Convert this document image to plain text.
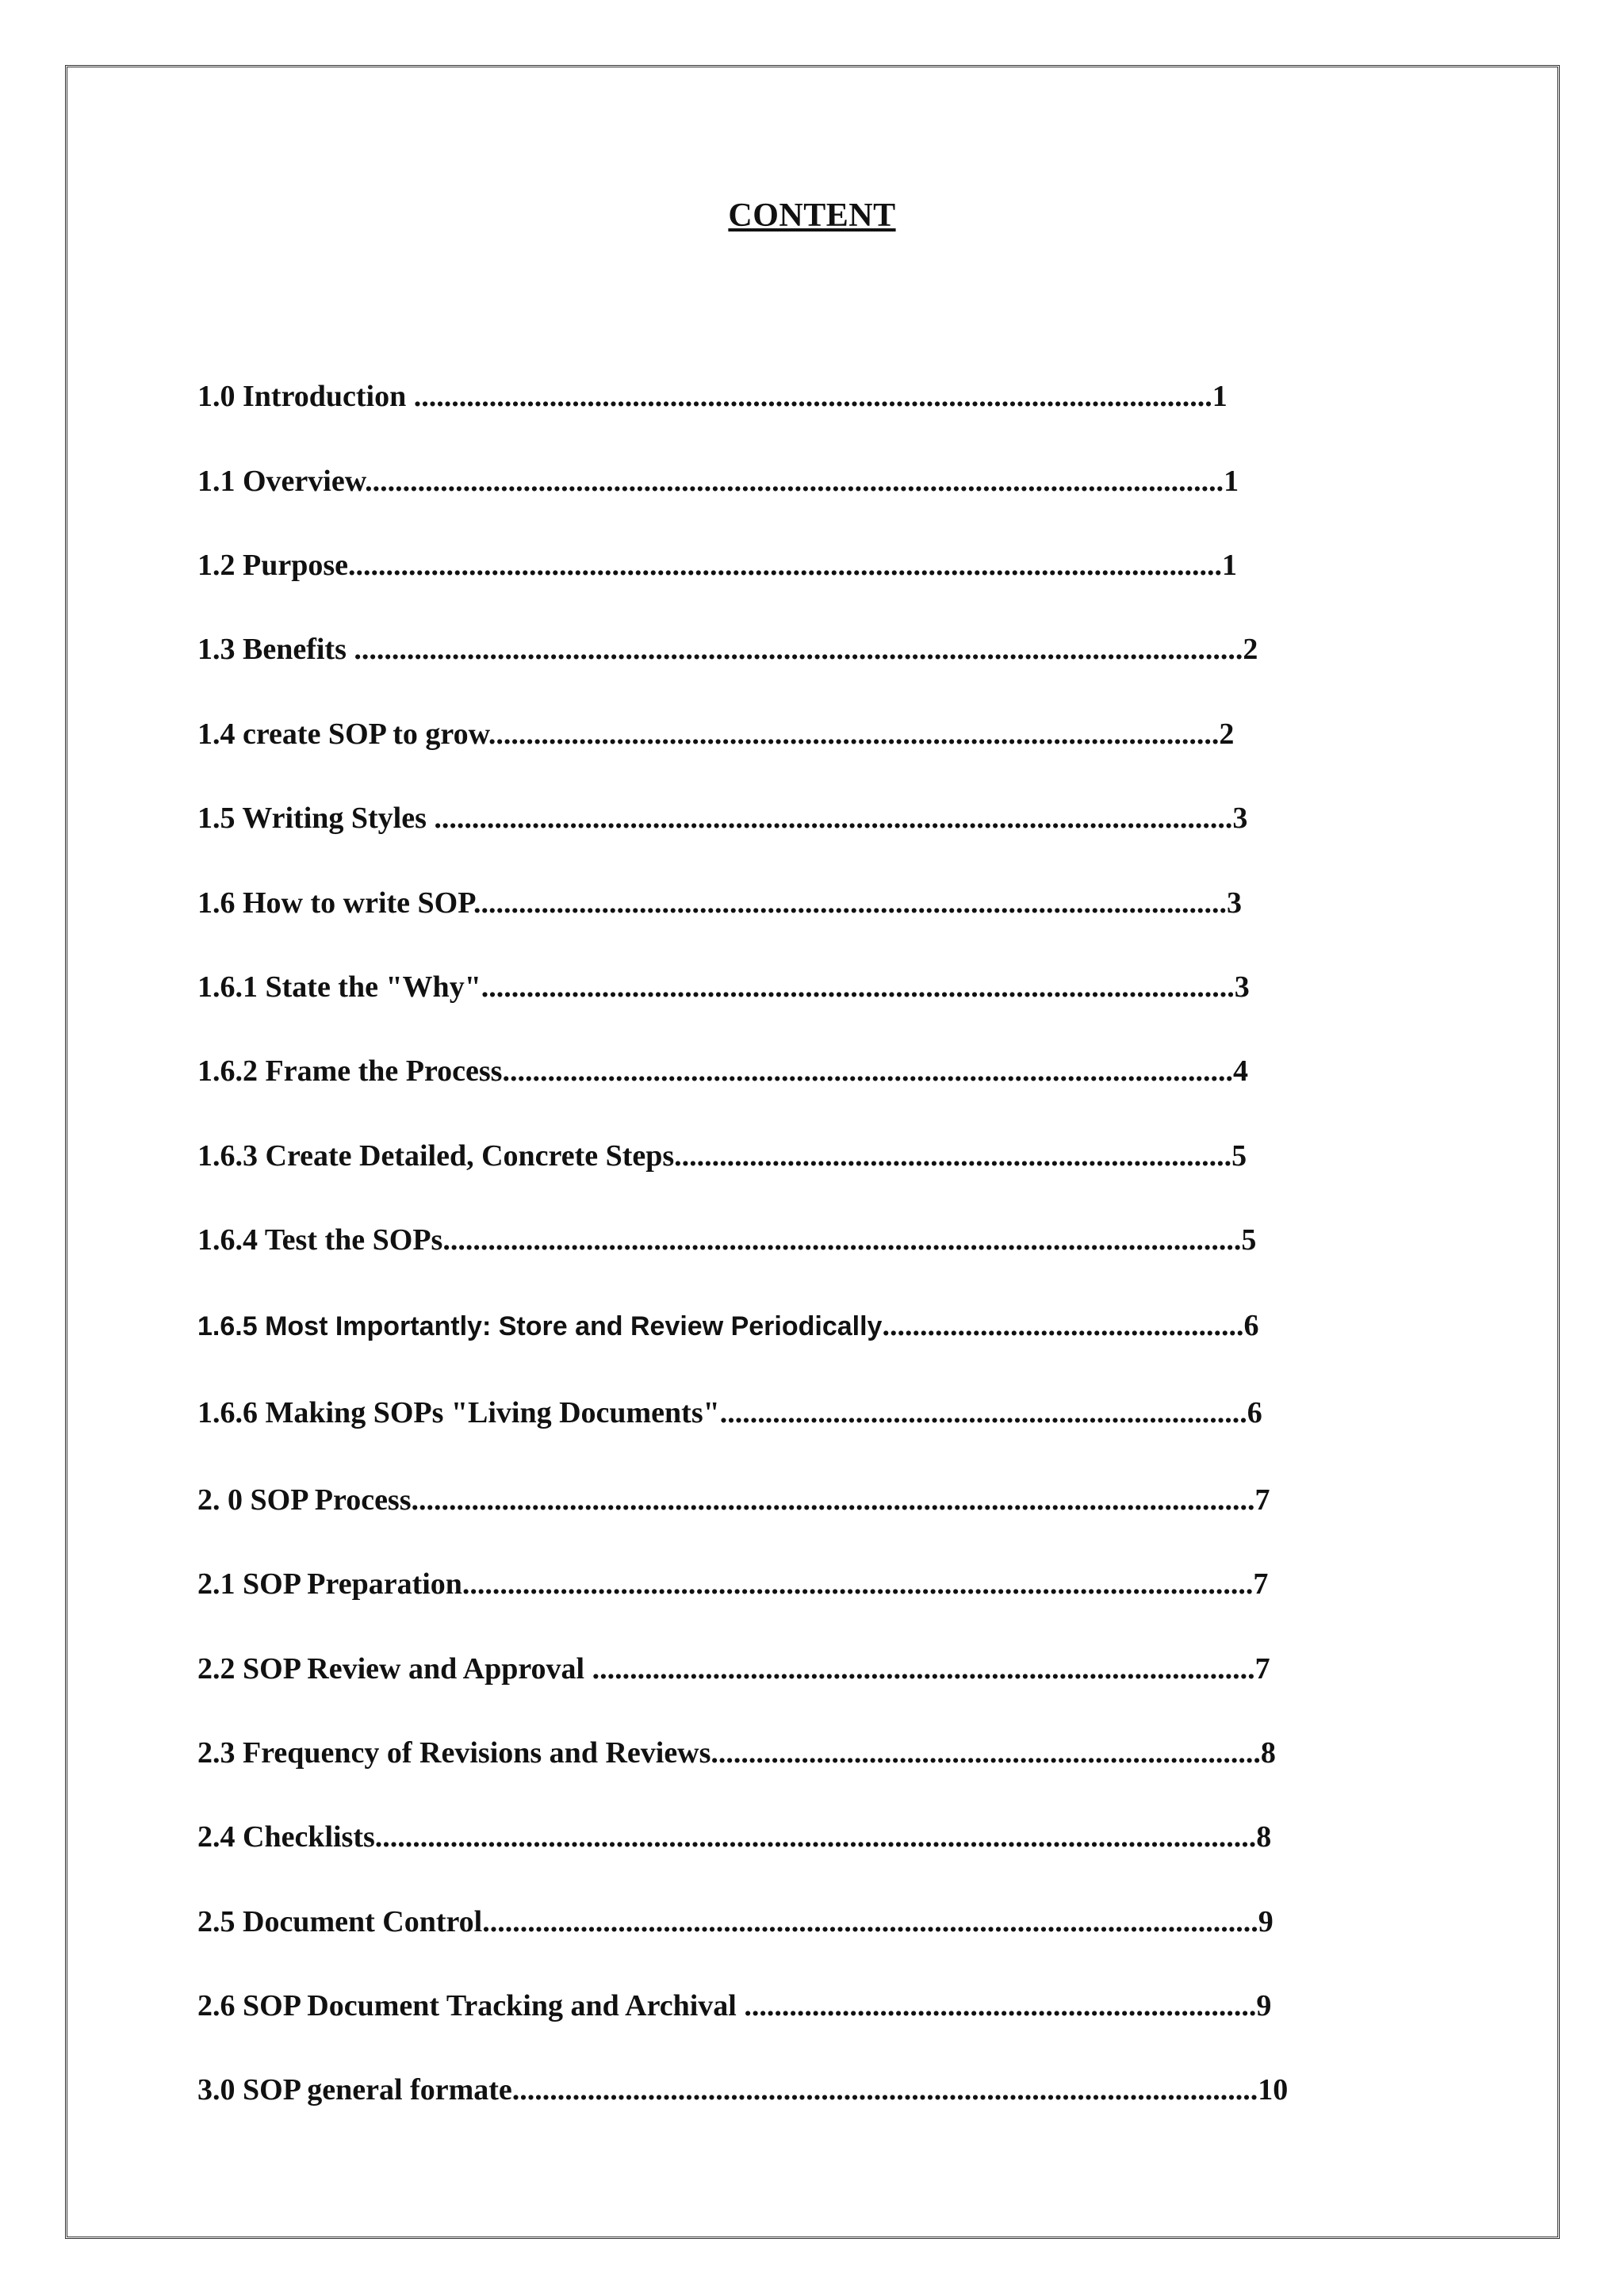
CONTENT
1.0 Introduction ..........................................................................................................1
1.1 Overview..................................................................................................................1
1.2 Purpose....................................................................................................................1
1.3 Benefits ......................................................................................................................2
1.4 create SOP to grow.................................................................................................2
1.5 Writing Styles ..........................................................................................................3
1.6 How to write SOP....................................................................................................3
1.6.1 State the "Why"....................................................................................................3
1.6.2 Frame the Process.................................................................................................4
1.6.3 Create Detailed, Concrete Steps..........................................................................5
1.6.4 Test the SOPs..........................................................................................................5
1.6.5 Most Importantly: Store and Review Periodically................................................6
1.6.6 Making SOPs "Living Documents"......................................................................6
2. 0 SOP Process................................................................................................................7
2.1 SOP Preparation.........................................................................................................7
2.2 SOP Review and Approval ........................................................................................7
2.3 Frequency of Revisions and Reviews.........................................................................8
2.4 Checklists.....................................................................................................................8
2.5 Document Control.......................................................................................................9
2.6 SOP Document Tracking and Archival ....................................................................9
3.0 SOP general formate...................................................................................................10
